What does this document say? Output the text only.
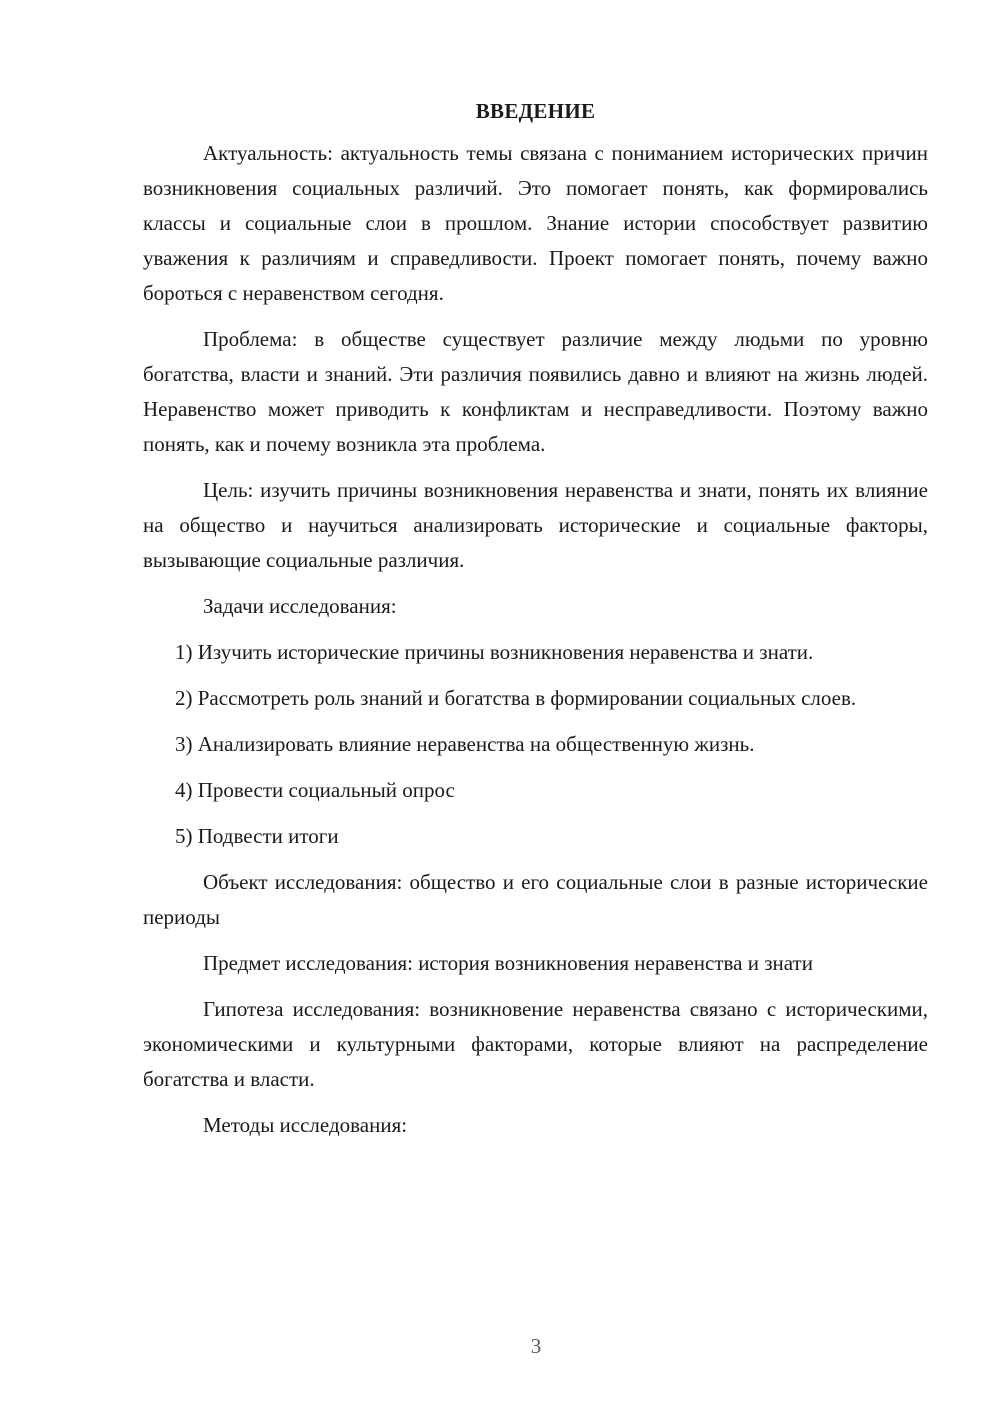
ВВЕДЕНИЕ

Актуальность: актуальность темы связана с пониманием исторических причин возникновения социальных различий. Это помогает понять, как формировались классы и социальные слои в прошлом. Знание истории способствует развитию уважения к различиям и справедливости. Проект помогает понять, почему важно бороться с неравенством сегодня.

Проблема: в обществе существует различие между людьми по уровню богатства, власти и знаний. Эти различия появились давно и влияют на жизнь людей. Неравенство может приводить к конфликтам и несправедливости. Поэтому важно понять, как и почему возникла эта проблема.

Цель: изучить причины возникновения неравенства и знати, понять их влияние на общество и научиться анализировать исторические и социальные факторы, вызывающие социальные различия.

Задачи исследования:

1) Изучить исторические причины возникновения неравенства и знати.

2) Рассмотреть роль знаний и богатства в формировании социальных слоев.

3) Анализировать влияние неравенства на общественную жизнь.

4) Провести социальный опрос

5) Подвести итоги

Объект исследования: общество и его социальные слои в разные исторические периоды

Предмет исследования: история возникновения неравенства и знати

Гипотеза исследования: возникновение неравенства связано с историческими, экономическими и культурными факторами, которые влияют на распределение богатства и власти.

Методы исследования:

3
